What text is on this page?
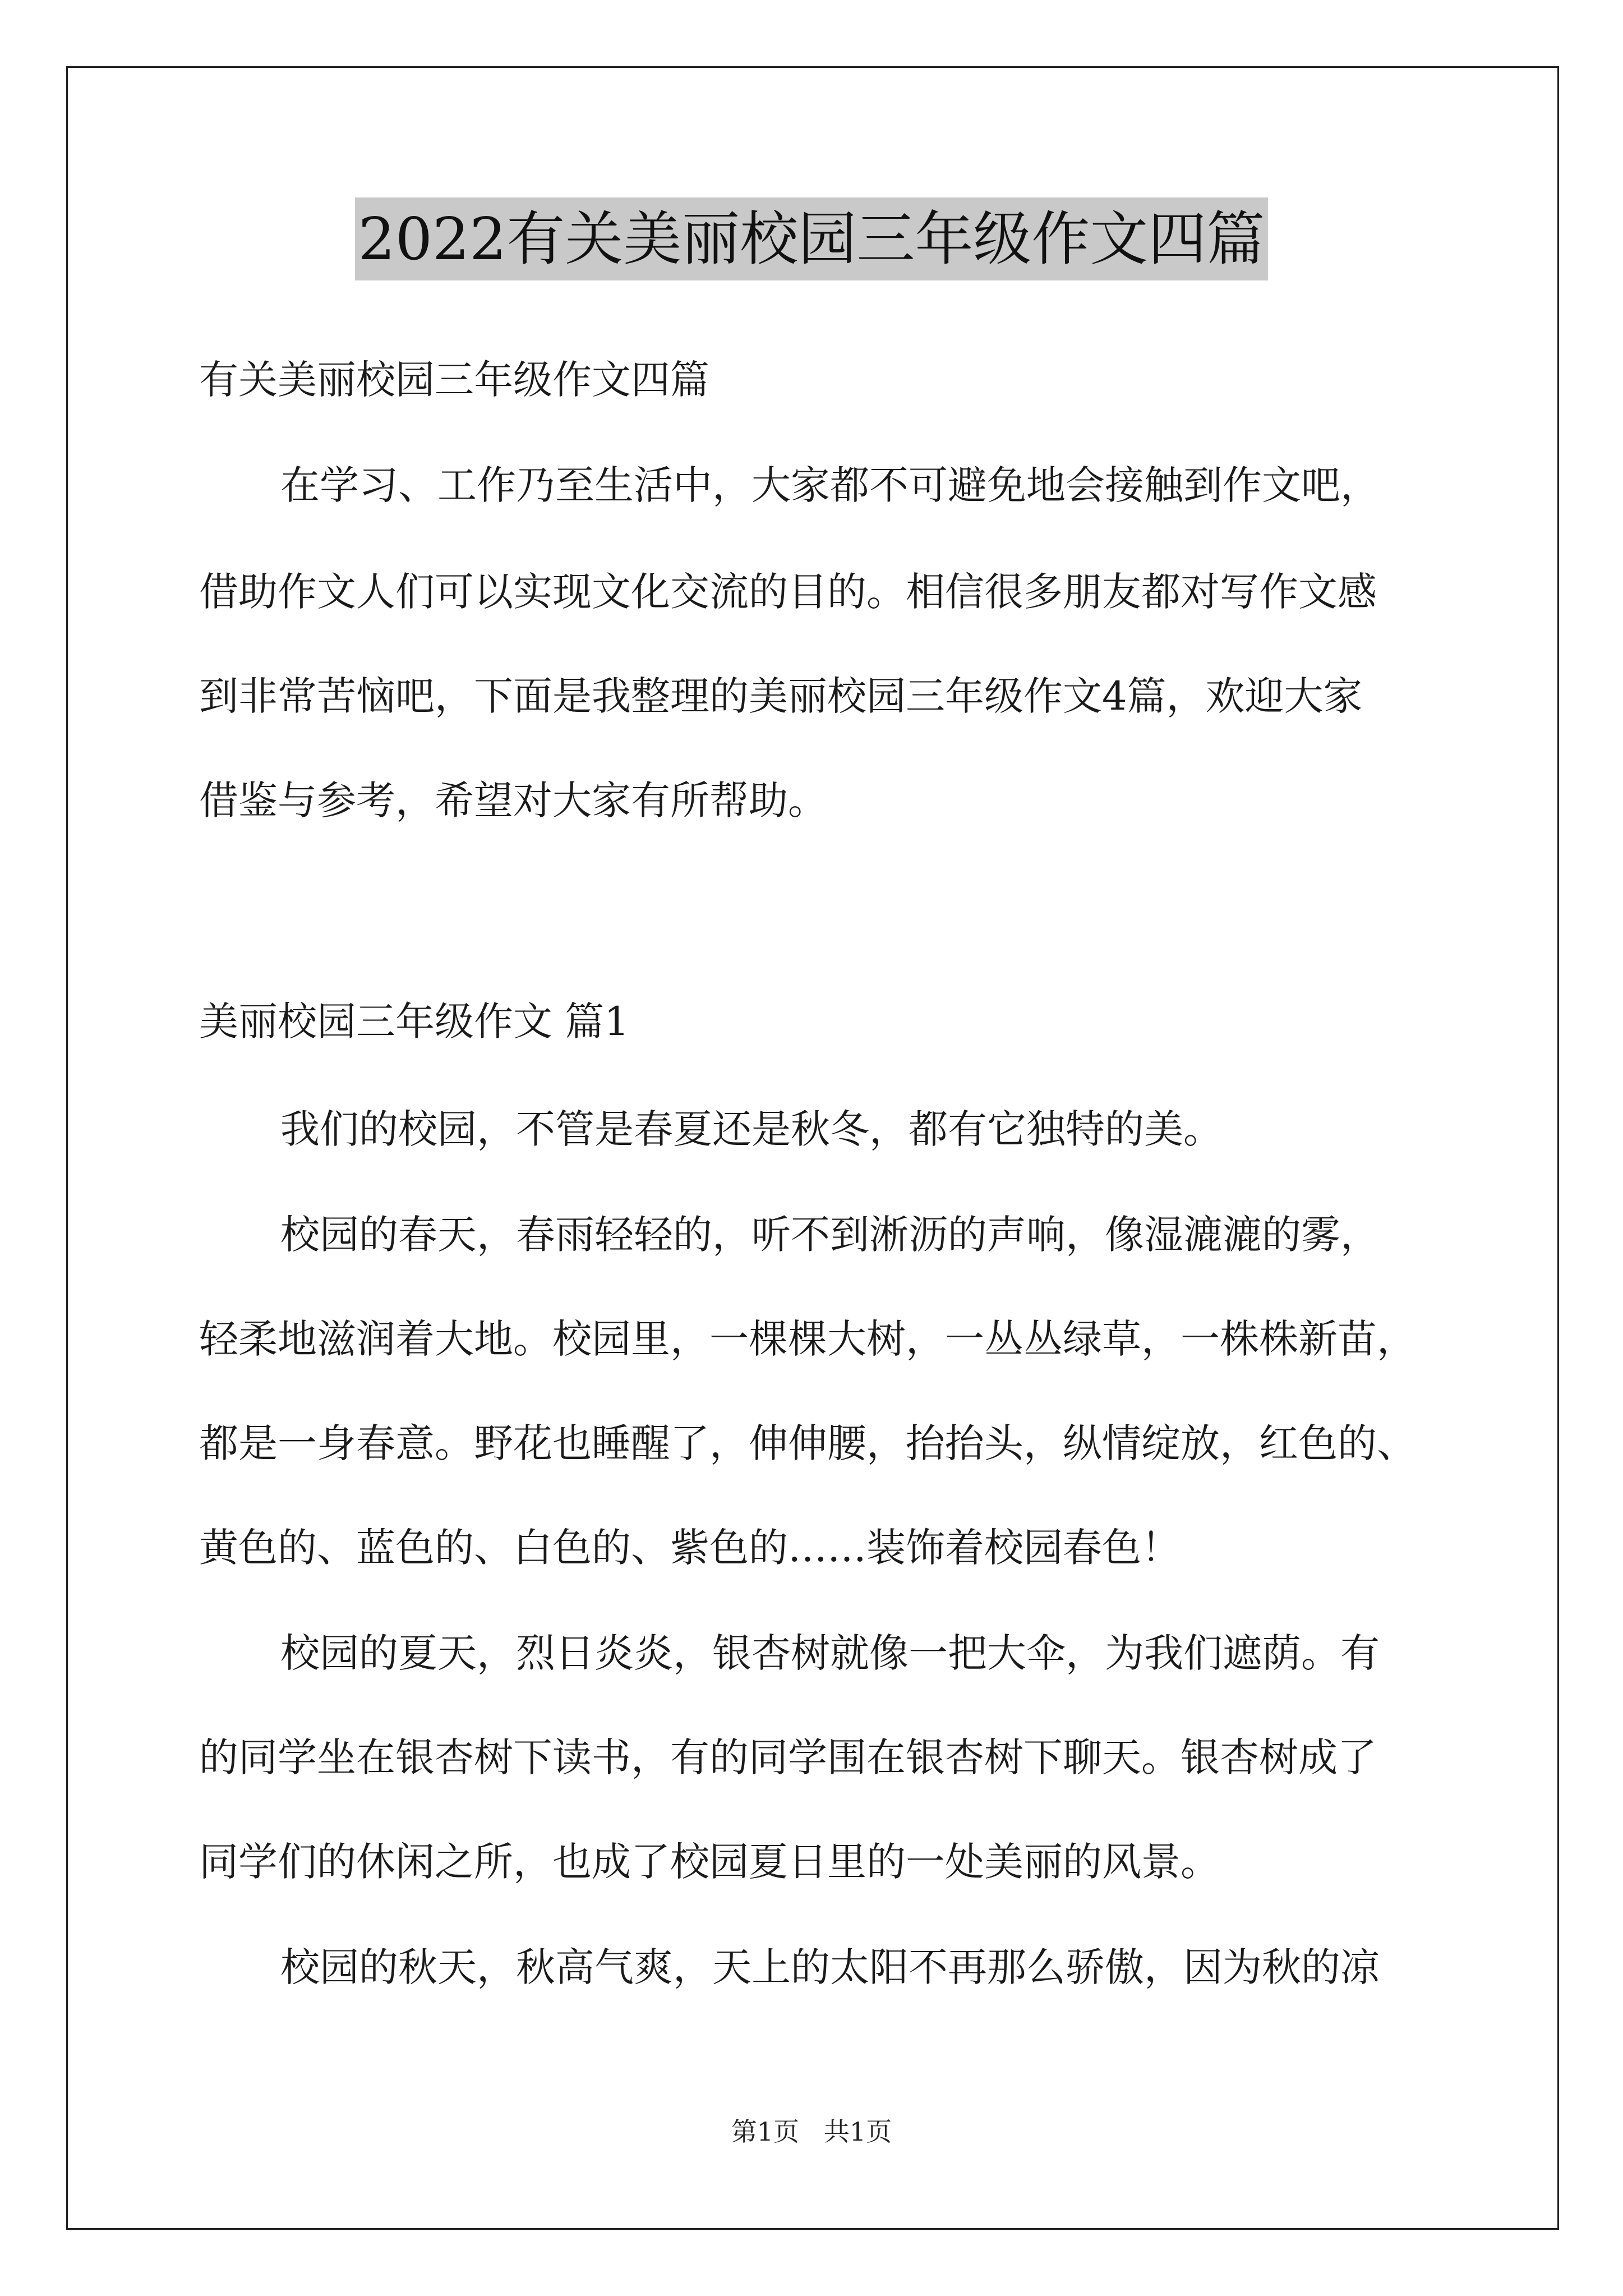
2022有关美丽校园三年级作文四篇

有关美丽校园三年级作文四篇

在学习、工作乃至生活中，大家都不可避免地会接触到作文吧，

借助作文人们可以实现文化交流的目的。相信很多朋友都对写作文感

到非常苦恼吧，下面是我整理的美丽校园三年级作文4篇，欢迎大家

借鉴与参考，希望对大家有所帮助。

美丽校园三年级作文 篇1

我们的校园，不管是春夏还是秋冬，都有它独特的美。

校园的春天，春雨轻轻的，听不到淅沥的声响，像湿漉漉的雾，

轻柔地滋润着大地。校园里，一棵棵大树，一丛丛绿草，一株株新苗，

都是一身春意。野花也睡醒了，伸伸腰，抬抬头，纵情绽放，红色的、

黄色的、蓝色的、白色的、紫色的……装饰着校园春色！

校园的夏天，烈日炎炎，银杏树就像一把大伞，为我们遮荫。有

的同学坐在银杏树下读书，有的同学围在银杏树下聊天。银杏树成了

同学们的休闲之所，也成了校园夏日里的一处美丽的风景。

校园的秋天，秋高气爽，天上的太阳不再那么骄傲，因为秋的凉

第1页   共1页
